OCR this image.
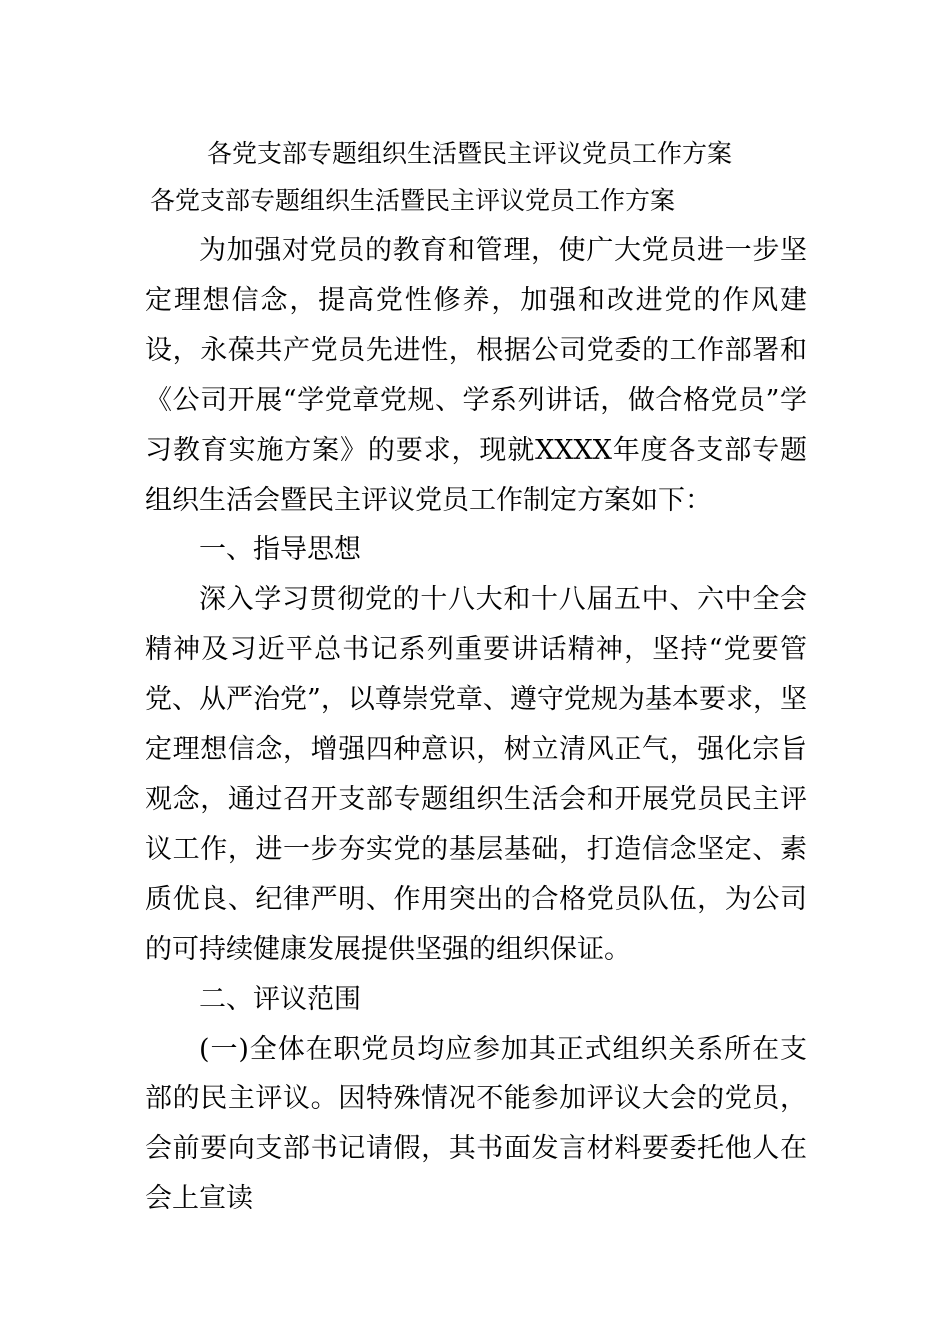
各党支部专题组织生活暨民主评议党员工作方案
各党支部专题组织生活暨民主评议党员工作方案

为加强对党员的教育和管理，使广大党员进一步坚定理想信念，提高党性修养，加强和改进党的作风建设，永葆共产党员先进性，根据公司党委的工作部署和《公司开展“学党章党规、学系列讲话，做合格党员”学习教育实施方案》的要求，现就XXXX年度各支部专题组织生活会暨民主评议党员工作制定方案如下：

一、指导思想

深入学习贯彻党的十八大和十八届五中、六中全会精神及习近平总书记系列重要讲话精神，坚持“党要管党、从严治党”，以尊崇党章、遵守党规为基本要求，坚定理想信念，增强四种意识，树立清风正气，强化宗旨观念，通过召开支部专题组织生活会和开展党员民主评议工作，进一步夯实党的基层基础，打造信念坚定、素质优良、纪律严明、作用突出的合格党员队伍，为公司的可持续健康发展提供坚强的组织保证。

二、评议范围

(一)全体在职党员均应参加其正式组织关系所在支部的民主评议。因特殊情况不能参加评议大会的党员，会前要向支部书记请假，其书面发言材料要委托他人在会上宣读
